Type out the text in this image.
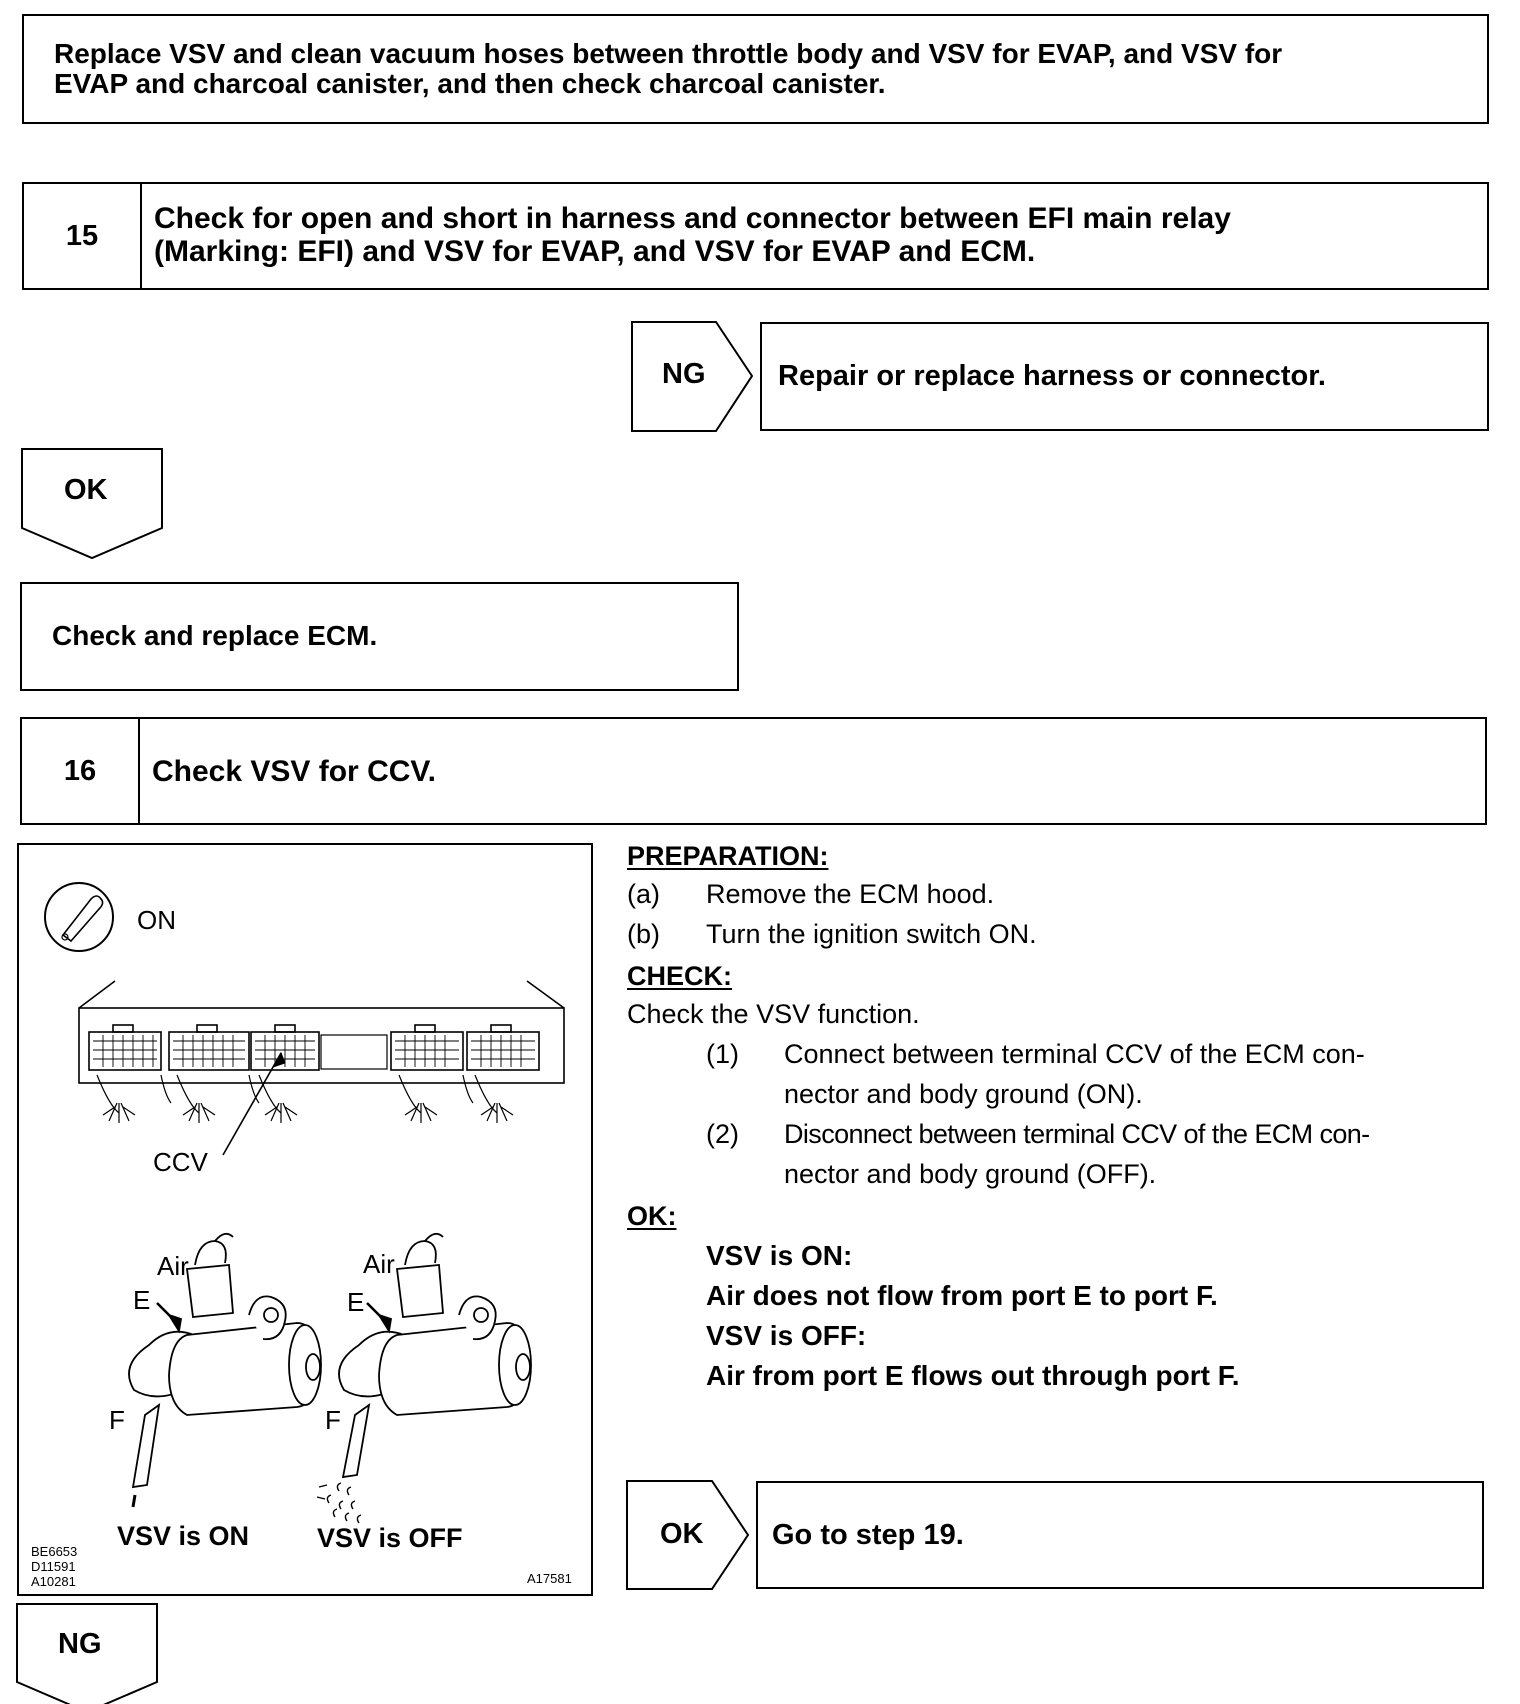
Replace VSV and clean vacuum hoses between throttle body and VSV for EVAP, and VSV for
EVAP and charcoal canister, and then check charcoal canister.
15
Check for open and short in harness and connector between EFI main relay
(Marking: EFI) and VSV for EVAP, and VSV for EVAP and ECM.
NG	Repair or replace harness or connector.
OK
Check and replace ECM.
16	Check VSV for CCV.
ON
CCV
Air	Air
E	E
F	F
VSV is ON	VSV is OFF
BE6653
D11591
A10281	A17581
PREPARATION:
(a) Remove the ECM hood.
(b) Turn the ignition switch ON.
CHECK:
Check the VSV function.
(1) Connect between terminal CCV of the ECM con-
nector and body ground (ON).
(2) Disconnect between terminal CCV of the ECM con-
nector and body ground (OFF).
OK:
VSV is ON:
Air does not flow from port E to port F.
VSV is OFF:
Air from port E flows out through port F.
OK Go to step 19.
NG
